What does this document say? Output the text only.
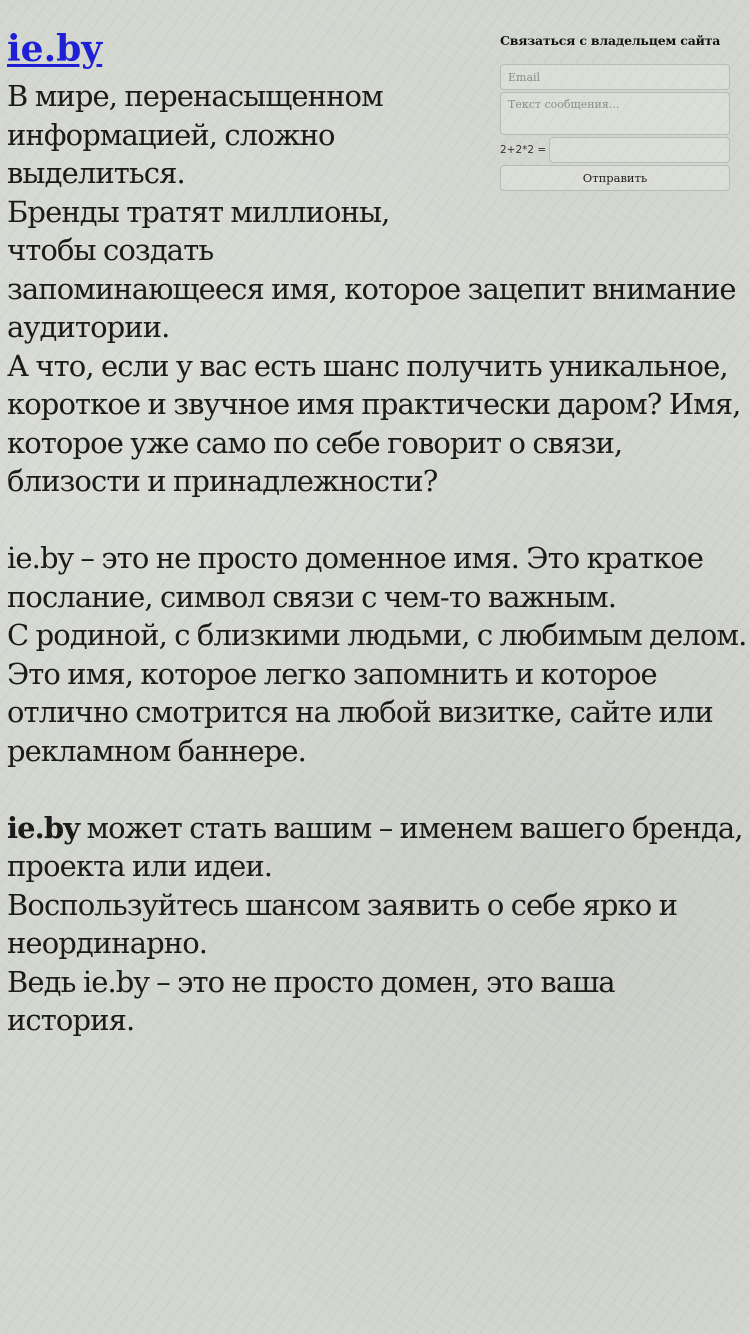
Связаться с владельцем сайта
Email
Текст сообщения...
2+2*2 =
Отправить
ie.by

В мире, перенасыщенном информацией, сложно выделиться.
Бренды тратят миллионы, чтобы создать запоминающееся имя, которое зацепит внимание аудитории.
А что, если у вас есть шанс получить уникальное, короткое и звучное имя практически даром? Имя, которое уже само по себе говорит о связи, близости и принадлежности?

ie.by – это не просто доменное имя. Это краткое послание, символ связи с чем-то важным.
С родиной, с близкими людьми, с любимым делом.
Это имя, которое легко запомнить и которое отлично смотрится на любой визитке, сайте или рекламном баннере.

ie.by может стать вашим – именем вашего бренда, проекта или идеи.
Воспользуйтесь шансом заявить о себе ярко и неординарно.
Ведь ie.by – это не просто домен, это ваша история.
